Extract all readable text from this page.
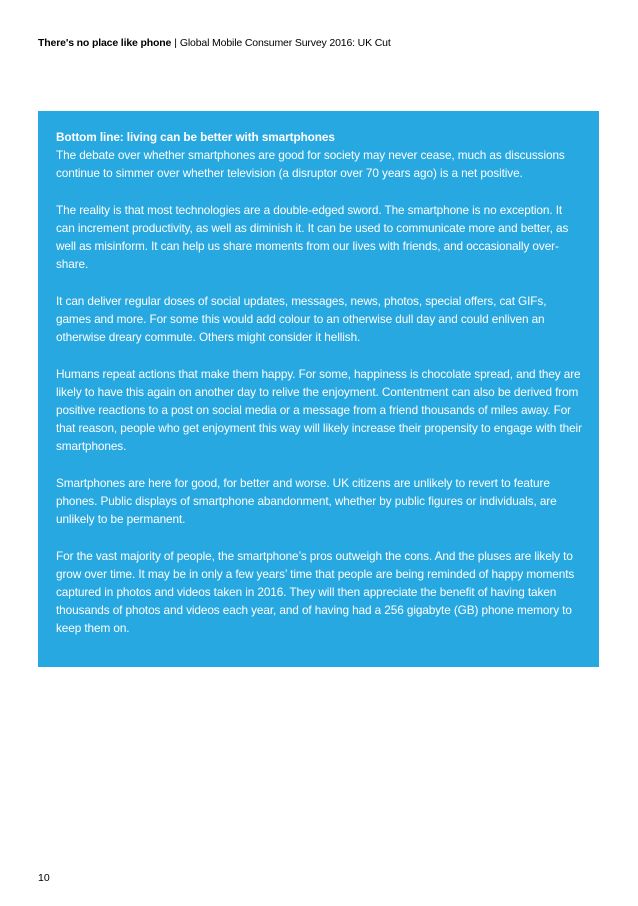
There's no place like phone | Global Mobile Consumer Survey 2016: UK Cut
Bottom line: living can be better with smartphones

The debate over whether smartphones are good for society may never cease, much as discussions continue to simmer over whether television (a disruptor over 70 years ago) is a net positive.

The reality is that most technologies are a double-edged sword. The smartphone is no exception. It can increment productivity, as well as diminish it. It can be used to communicate more and better, as well as misinform. It can help us share moments from our lives with friends, and occasionally over-share.

It can deliver regular doses of social updates, messages, news, photos, special offers, cat GIFs, games and more. For some this would add colour to an otherwise dull day and could enliven an otherwise dreary commute. Others might consider it hellish.

Humans repeat actions that make them happy. For some, happiness is chocolate spread, and they are likely to have this again on another day to relive the enjoyment. Contentment can also be derived from positive reactions to a post on social media or a message from a friend thousands of miles away. For that reason, people who get enjoyment this way will likely increase their propensity to engage with their smartphones.

Smartphones are here for good, for better and worse. UK citizens are unlikely to revert to feature phones. Public displays of smartphone abandonment, whether by public figures or individuals, are unlikely to be permanent.

For the vast majority of people, the smartphone’s pros outweigh the cons. And the pluses are likely to grow over time. It may be in only a few years’ time that people are being reminded of happy moments captured in photos and videos taken in 2016. They will then appreciate the benefit of having taken thousands of photos and videos each year, and of having had a 256 gigabyte (GB) phone memory to keep them on.

10
